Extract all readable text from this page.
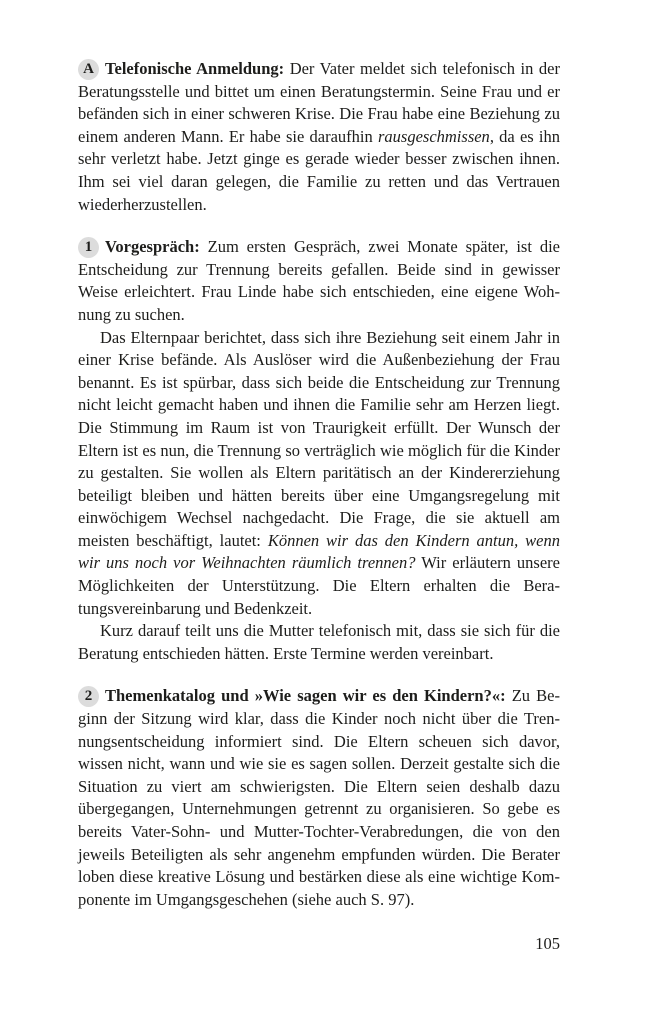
A Telefonische Anmeldung: Der Vater meldet sich telefonisch in der Beratungsstelle und bittet um einen Beratungstermin. Seine Frau und er befänden sich in einer schweren Krise. Die Frau habe eine Beziehung zu einem anderen Mann. Er habe sie daraufhin rausgeschmissen, da es ihn sehr verletzt habe. Jetzt ginge es gerade wieder besser zwischen ihnen. Ihm sei viel daran gelegen, die Familie zu retten und das Vertrauen wiederherzustellen.

1 Vorgespräch: Zum ersten Gespräch, zwei Monate später, ist die Entscheidung zur Trennung bereits gefallen. Beide sind in gewisser Weise erleichtert. Frau Linde habe sich entschieden, eine eigene Wohnung zu suchen.

Das Elternpaar berichtet, dass sich ihre Beziehung seit einem Jahr in einer Krise befände. Als Auslöser wird die Außenbeziehung der Frau benannt. Es ist spürbar, dass sich beide die Entscheidung zur Trennung nicht leicht gemacht haben und ihnen die Familie sehr am Herzen liegt. Die Stimmung im Raum ist von Traurigkeit erfüllt. Der Wunsch der Eltern ist es nun, die Trennung so verträglich wie möglich für die Kinder zu gestalten. Sie wollen als Eltern paritätisch an der Kindererziehung beteiligt bleiben und hätten bereits über eine Umgangsregelung mit einwöchigem Wechsel nachgedacht. Die Frage, die sie aktuell am meisten beschäftigt, lautet: Können wir das den Kindern antun, wenn wir uns noch vor Weihnachten räumlich trennen? Wir erläutern unsere Möglichkeiten der Unterstützung. Die Eltern erhalten die Beratungsvereinbarung und Bedenkzeit.

Kurz darauf teilt uns die Mutter telefonisch mit, dass sie sich für die Beratung entschieden hätten. Erste Termine werden vereinbart.

2 Themenkatalog und »Wie sagen wir es den Kindern?«: Zu Beginn der Sitzung wird klar, dass die Kinder noch nicht über die Trennungsentscheidung informiert sind. Die Eltern scheuen sich davor, wissen nicht, wann und wie sie es sagen sollen. Derzeit gestalte sich die Situation zu viert am schwierigsten. Die Eltern seien deshalb dazu übergegangen, Unternehmungen getrennt zu organisieren. So gebe es bereits Vater-Sohn- und Mutter-Tochter-Verabredungen, die von den jeweils Beteiligten als sehr angenehm empfunden würden. Die Berater loben diese kreative Lösung und bestärken diese als eine wichtige Komponente im Umgangsgeschehen (siehe auch S. 97).

105
